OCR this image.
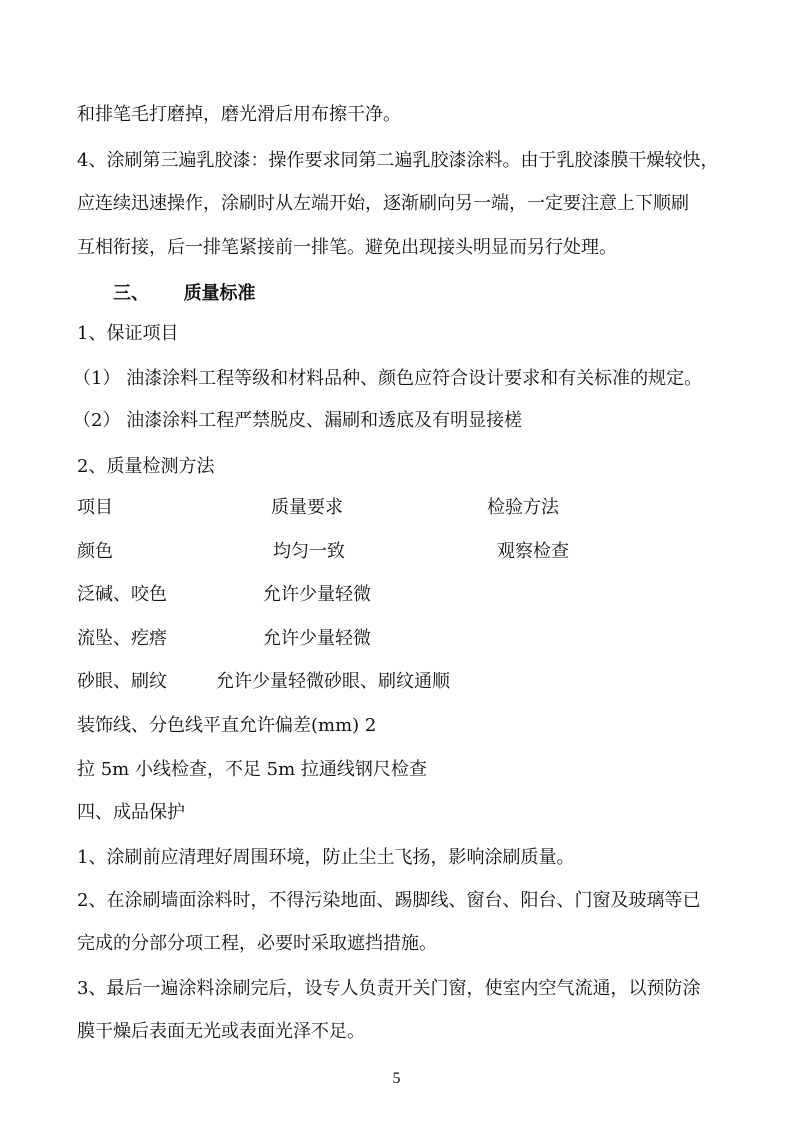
和排笔毛打磨掉，磨光滑后用布擦干净。
4、涂刷第三遍乳胶漆：操作要求同第二遍乳胶漆涂料。由于乳胶漆膜干燥较快，
应连续迅速操作，涂刷时从左端开始，逐渐刷向另一端，一定要注意上下顺刷
互相衔接，后一排笔紧接前一排笔。避免出现接头明显而另行处理。
三、 质量标准
1、保证项目
（1） 油漆涂料工程等级和材料品种、颜色应符合设计要求和有关标准的规定。
（2） 油漆涂料工程严禁脱皮、漏刷和透底及有明显接槎
2、质量检测方法
项目	质量要求	检验方法
颜色	均匀一致	观察检查
泛碱、咬色	允许少量轻微
流坠、疙瘩	允许少量轻微
砂眼、刷纹	允许少量轻微砂眼、刷纹通顺
装饰线、分色线平直允许偏差(mm) 2
拉 5m 小线检查，不足 5m 拉通线钢尺检查
四、成品保护
1、涂刷前应清理好周围环境，防止尘土飞扬，影响涂刷质量。
2、在涂刷墙面涂料时，不得污染地面、踢脚线、窗台、阳台、门窗及玻璃等已
完成的分部分项工程，必要时采取遮挡措施。
3、最后一遍涂料涂刷完后，设专人负责开关门窗，使室内空气流通，以预防涂
膜干燥后表面无光或表面光泽不足。
5
